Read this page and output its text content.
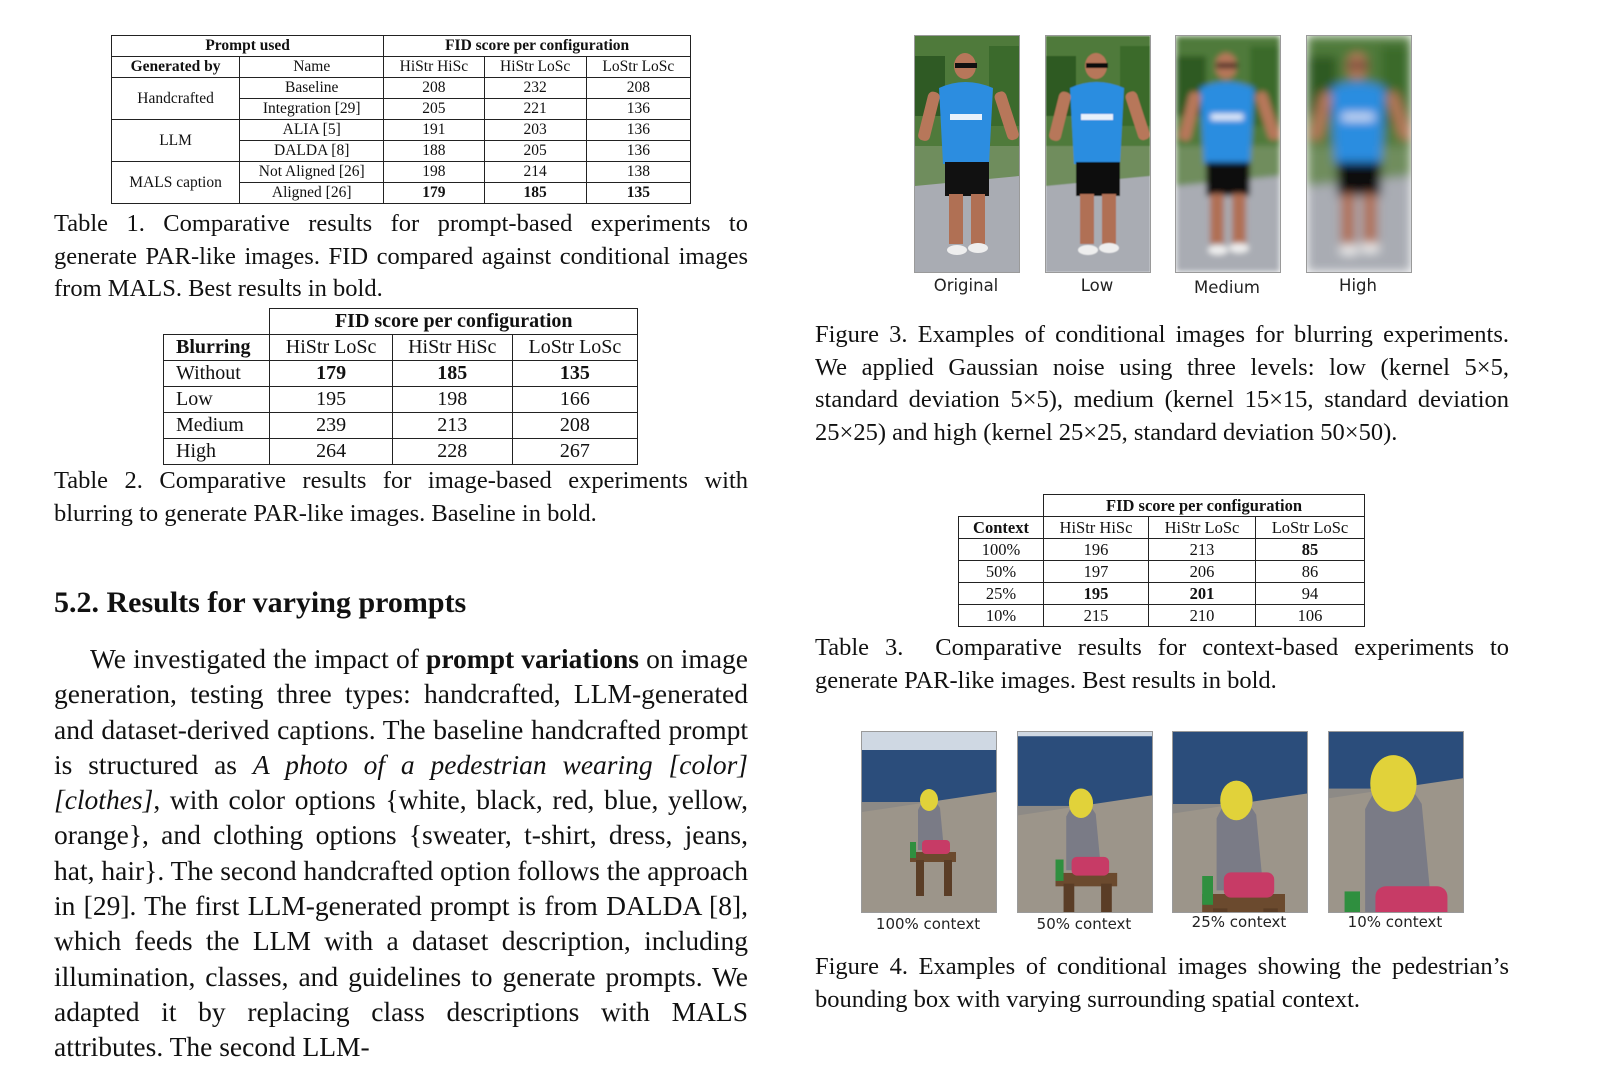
Prompt used		FID score per configuration		
Generated by	Name	HiStr HiSc	HiStr LoSc	LoStr LoSc
Handcrafted	Baseline	208	232	208
	Integration [29]	205	221	136
LLM	ALIA [5]	191	203	136
	DALDA [8]	188	205	136
MALS caption	Not Aligned [26]	198	214	138
	Aligned [26]	179	185	135
Table 1. Comparative results for prompt-based experiments to generate PAR-like images. FID compared against conditional images from MALS. Best results in bold.
	FID score per configuration		
Blurring	HiStr LoSc	HiStr HiSc	LoStr LoSc
Without	179	185	135
Low	195	198	166
Medium	239	213	208
High	264	228	267
Table 2. Comparative results for image-based experiments with blurring to generate PAR-like images. Baseline in bold.
5.2. Results for varying prompts
We investigated the impact of prompt variations on image generation, testing three types: handcrafted, LLM-generated and dataset-derived captions. The baseline handcrafted prompt is structured as A photo of a pedestrian wearing [color] [clothes], with color options {white, black, red, blue, yellow, orange}, and clothing options {sweater, t-shirt, dress, jeans, hat, hair}. The second handcrafted option follows the approach in [29]. The first LLM-generated prompt is from DALDA [8], which feeds the LLM with a dataset description, including illumination, classes, and guidelines to generate prompts. We adapted it by replacing class descriptions with MALS attributes. The second LLM-
Original	Low	Medium	High
Figure 3. Examples of conditional images for blurring experiments. We applied Gaussian noise using three levels: low (kernel 5×5, standard deviation 5×5), medium (kernel 15×15, standard deviation 25×25) and high (kernel 25×25, standard deviation 50×50).
	FID score per configuration		
Context	HiStr HiSc	HiStr LoSc	LoStr LoSc
100%	196	213	85
50%	197	206	86
25%	195	201	94
10%	215	210	106
Table 3.  Comparative results for context-based experiments to generate PAR-like images. Best results in bold.
100% context	50% context	25% context	10% context
Figure 4. Examples of conditional images showing the pedestrian’s bounding box with varying surrounding spatial context.
